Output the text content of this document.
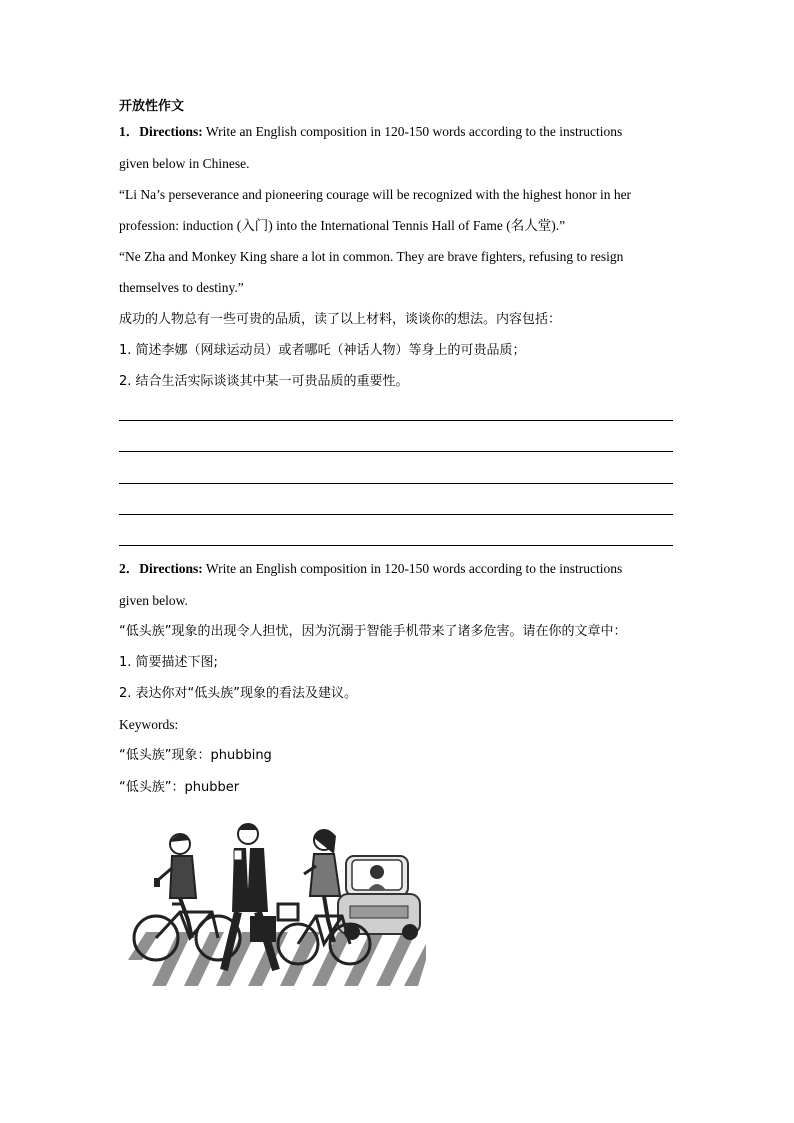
开放性作文
1．Directions: Write an English composition in 120-150 words according to the instructions
given below in Chinese.
“Li Na’s perseverance and pioneering courage will be recognized with the highest honor in her
profession: induction (入门) into the International Tennis Hall of Fame (名人堂).”
“Ne Zha and Monkey King share a lot in common. They are brave fighters, refusing to resign
themselves to destiny.”
成功的人物总有一些可贵的品质，读了以上材料，谈谈你的想法。内容包括：
1. 简述李娜（网球运动员）或者哪吒（神话人物）等身上的可贵品质；
2. 结合生活实际谈谈其中某一可贵品质的重要性。
2．Directions: Write an English composition in 120-150 words according to the instructions
given below.
“低头族”现象的出现令人担忧，因为沉溺于智能手机带来了诸多危害。请在你的文章中：
1. 简要描述下图;
2. 表达你对“低头族”现象的看法及建议。
Keywords:
“低头族”现象：phubbing
“低头族”：phubber
